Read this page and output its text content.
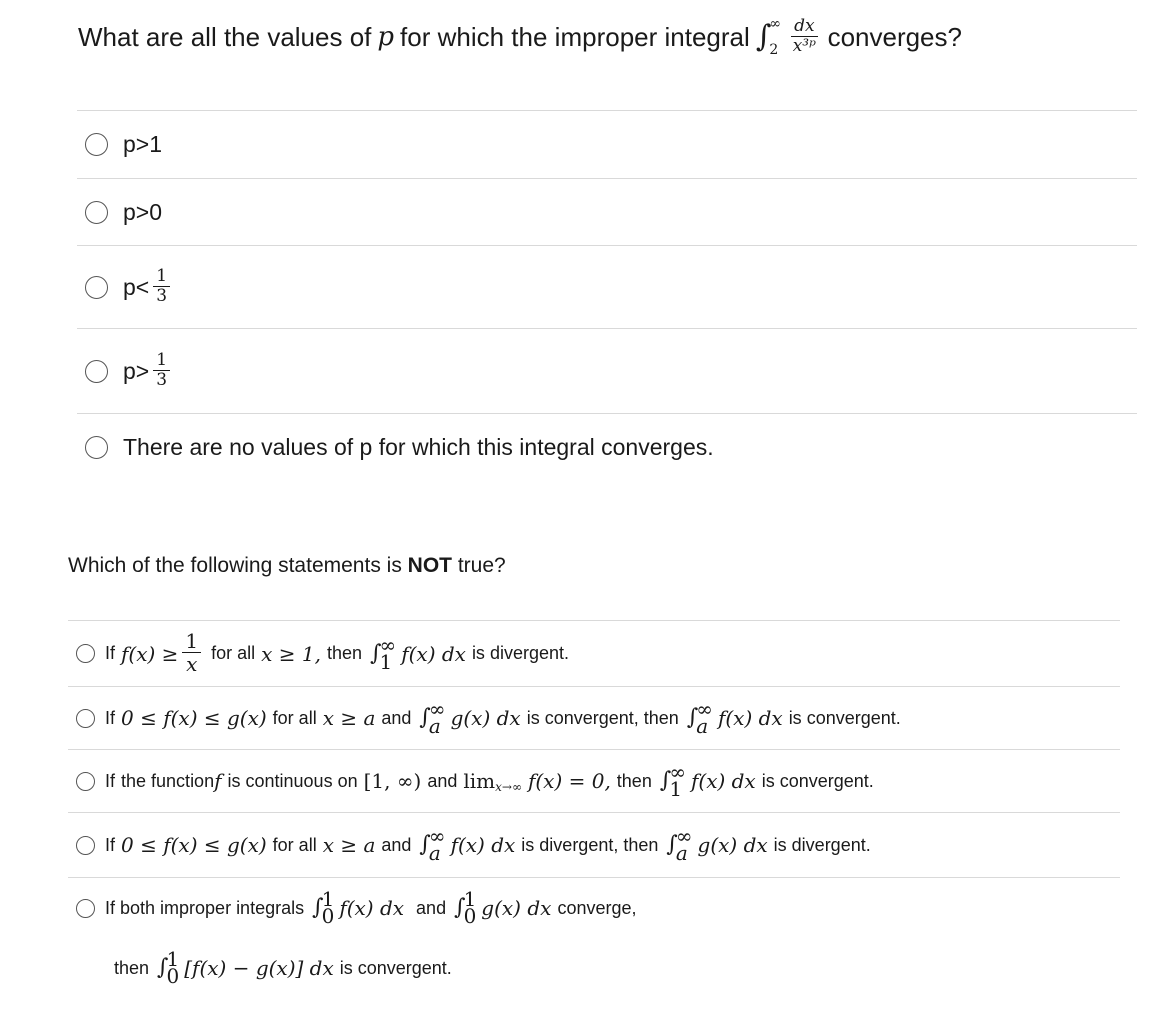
What are all the values of p for which the improper integral ∫
∞
$2 \frac{dx}{\text{x³ᵖ}}$ converges?
p>1
p>0
$p< \frac{1}{3}$
$p> \frac{1}{3}$
There are no values of p for which this integral converges.
Which of the following statements is NOT true?
If $f(x) \ge \frac{1}{x}$ for all x ≥ 1, then ∫
∞
1 f(x) dx is divergent.
If 0 ≤ f(x) ≤ g(x) for all x ≥ a and ∫
∞
a g(x) dx is convergent, then ∫
∞
a f(x) dx is convergent.
If the function f is continuous on [1, ∞) and lim x→∞ f(x) = 0, then ∫
∞
1 f(x) dx is convergent.
If 0 ≤ f(x) ≤ g(x) for all x ≥ a and ∫
∞
a f(x) dx is divergent, then ∫
∞
a g(x) dx is divergent.
If both improper integrals ∫
1
0 f(x) dx and ∫
1
0 g(x) dx converge,
then ∫
1
0 [f(x) − g(x)] dx is convergent.
